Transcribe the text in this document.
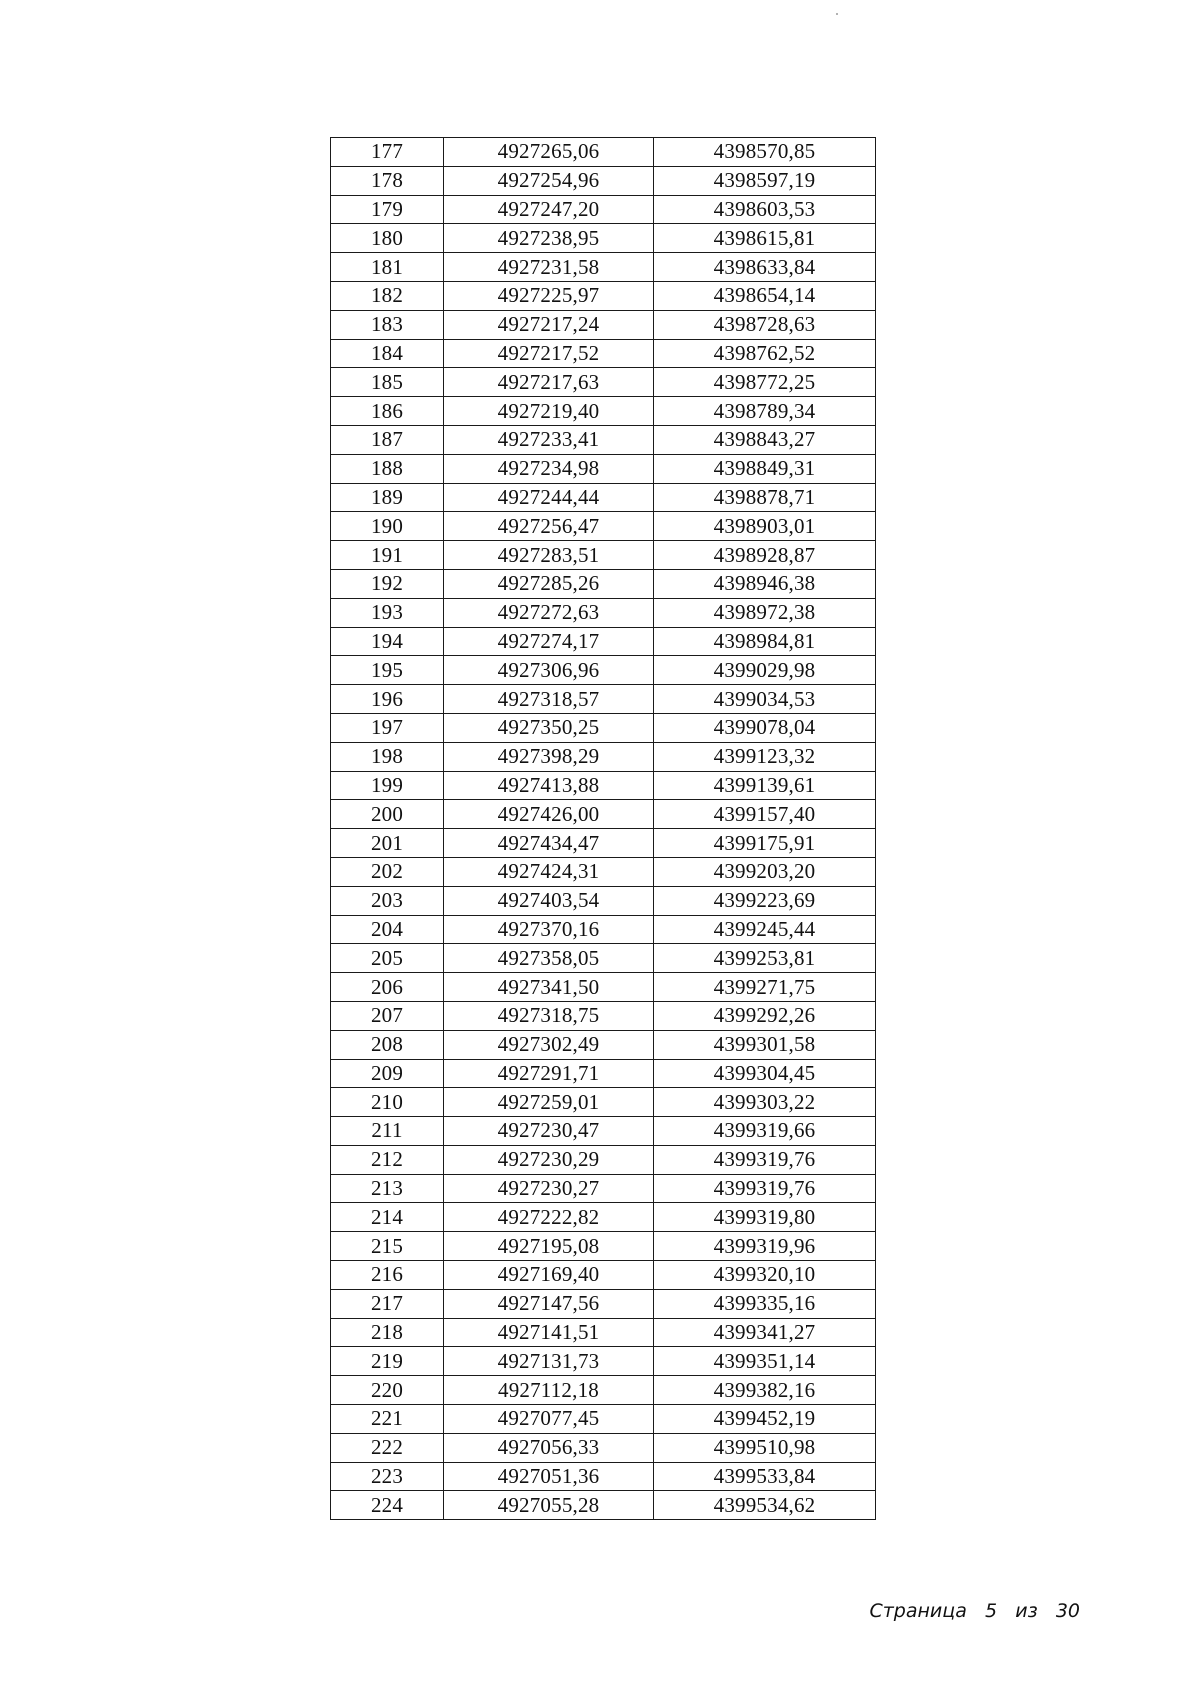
177	4927265,06	4398570,85
178	4927254,96	4398597,19
179	4927247,20	4398603,53
180	4927238,95	4398615,81
181	4927231,58	4398633,84
182	4927225,97	4398654,14
183	4927217,24	4398728,63
184	4927217,52	4398762,52
185	4927217,63	4398772,25
186	4927219,40	4398789,34
187	4927233,41	4398843,27
188	4927234,98	4398849,31
189	4927244,44	4398878,71
190	4927256,47	4398903,01
191	4927283,51	4398928,87
192	4927285,26	4398946,38
193	4927272,63	4398972,38
194	4927274,17	4398984,81
195	4927306,96	4399029,98
196	4927318,57	4399034,53
197	4927350,25	4399078,04
198	4927398,29	4399123,32
199	4927413,88	4399139,61
200	4927426,00	4399157,40
201	4927434,47	4399175,91
202	4927424,31	4399203,20
203	4927403,54	4399223,69
204	4927370,16	4399245,44
205	4927358,05	4399253,81
206	4927341,50	4399271,75
207	4927318,75	4399292,26
208	4927302,49	4399301,58
209	4927291,71	4399304,45
210	4927259,01	4399303,22
211	4927230,47	4399319,66
212	4927230,29	4399319,76
213	4927230,27	4399319,76
214	4927222,82	4399319,80
215	4927195,08	4399319,96
216	4927169,40	4399320,10
217	4927147,56	4399335,16
218	4927141,51	4399341,27
219	4927131,73	4399351,14
220	4927112,18	4399382,16
221	4927077,45	4399452,19
222	4927056,33	4399510,98
223	4927051,36	4399533,84
224	4927055,28	4399534,62
Страница 5 из 30
